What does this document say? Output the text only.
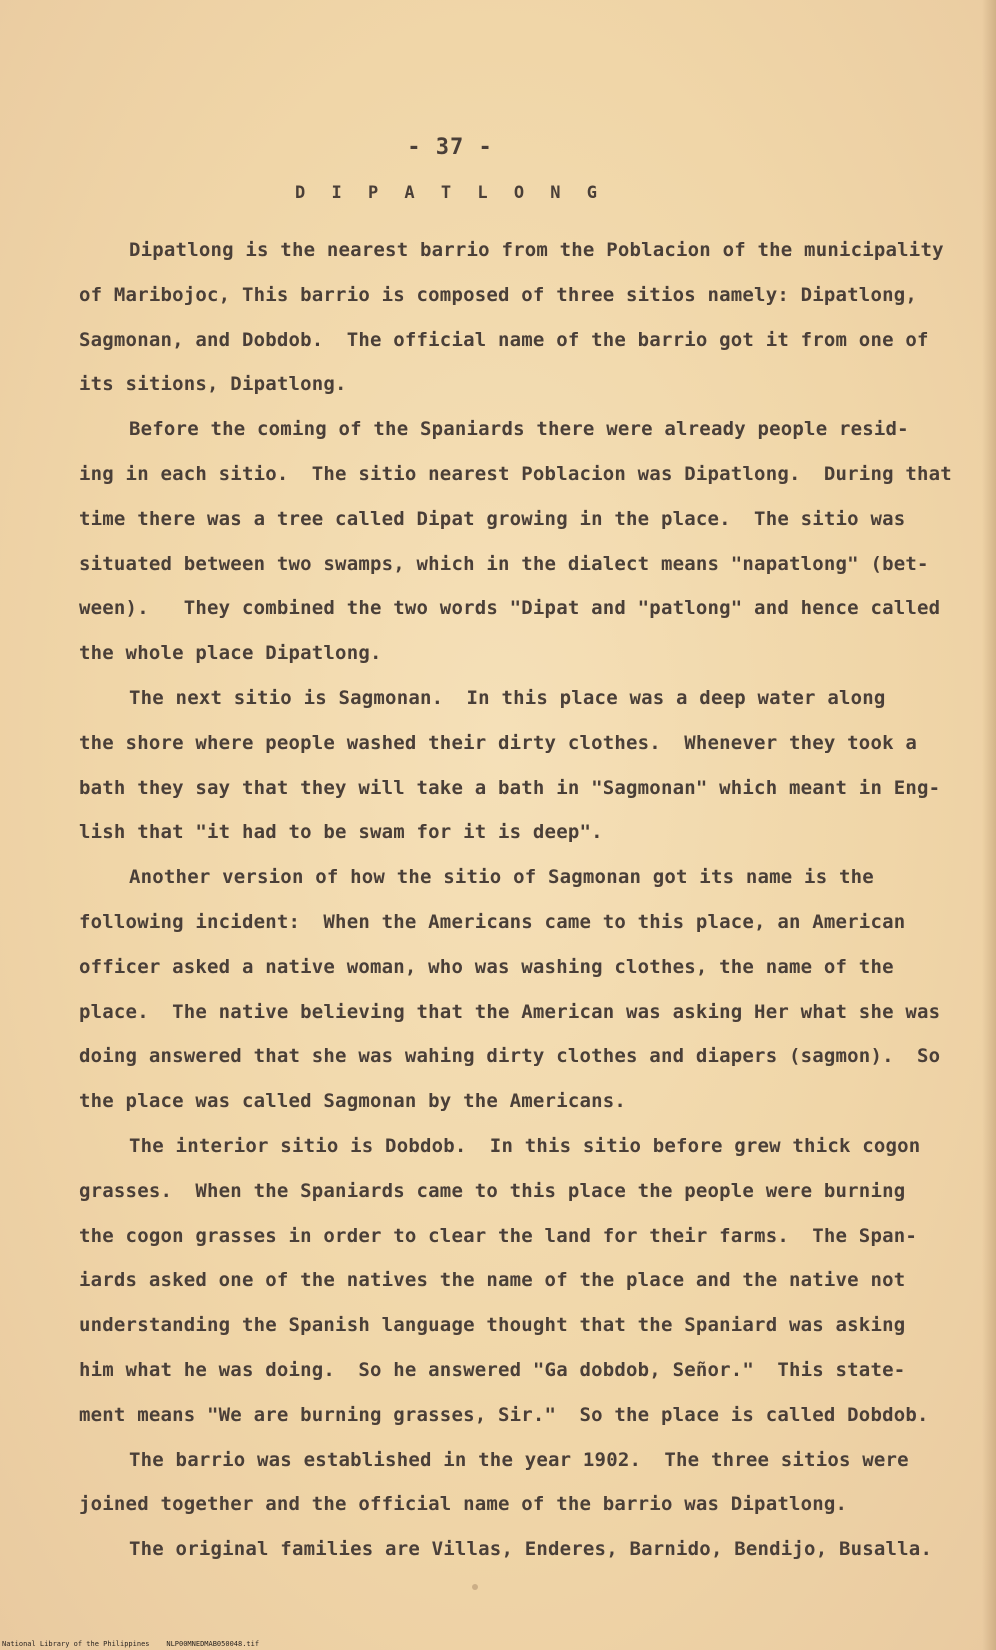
- 37 -
D I P A T L O N G
Dipatlong is the nearest barrio from the Poblacion of the municipality
of Maribojoc, This barrio is composed of three sitios namely: Dipatlong,
Sagmonan, and Dobdob.  The official name of the barrio got it from one of
its sitions, Dipatlong.
Before the coming of the Spaniards there were already people resid-
ing in each sitio.  The sitio nearest Poblacion was Dipatlong.  During that
time there was a tree called Dipat growing in the place.  The sitio was
situated between two swamps, which in the dialect means "napatlong" (bet-
ween).   They combined the two words "Dipat and "patlong" and hence called
the whole place Dipatlong.
The next sitio is Sagmonan.  In this place was a deep water along
the shore where people washed their dirty clothes.  Whenever they took a
bath they say that they will take a bath in "Sagmonan" which meant in Eng-
lish that "it had to be swam for it is deep".
Another version of how the sitio of Sagmonan got its name is the
following incident:  When the Americans came to this place, an American
officer asked a native woman, who was washing clothes, the name of the
place.  The native believing that the American was asking Her what she was
doing answered that she was wahing dirty clothes and diapers (sagmon).  So
the place was called Sagmonan by the Americans.
The interior sitio is Dobdob.  In this sitio before grew thick cogon
grasses.  When the Spaniards came to this place the people were burning
the cogon grasses in order to clear the land for their farms.  The Span-
iards asked one of the natives the name of the place and the native not
understanding the Spanish language thought that the Spaniard was asking
him what he was doing.  So he answered "Ga dobdob, Señor."  This state-
ment means "We are burning grasses, Sir."  So the place is called Dobdob.
The barrio was established in the year 1902.  The three sitios were
joined together and the official name of the barrio was Dipatlong.
The original families are Villas, Enderes, Barnido, Bendijo, Busalla.
National Library of the Philippines    NLP00MNEDMAB050048.tif
